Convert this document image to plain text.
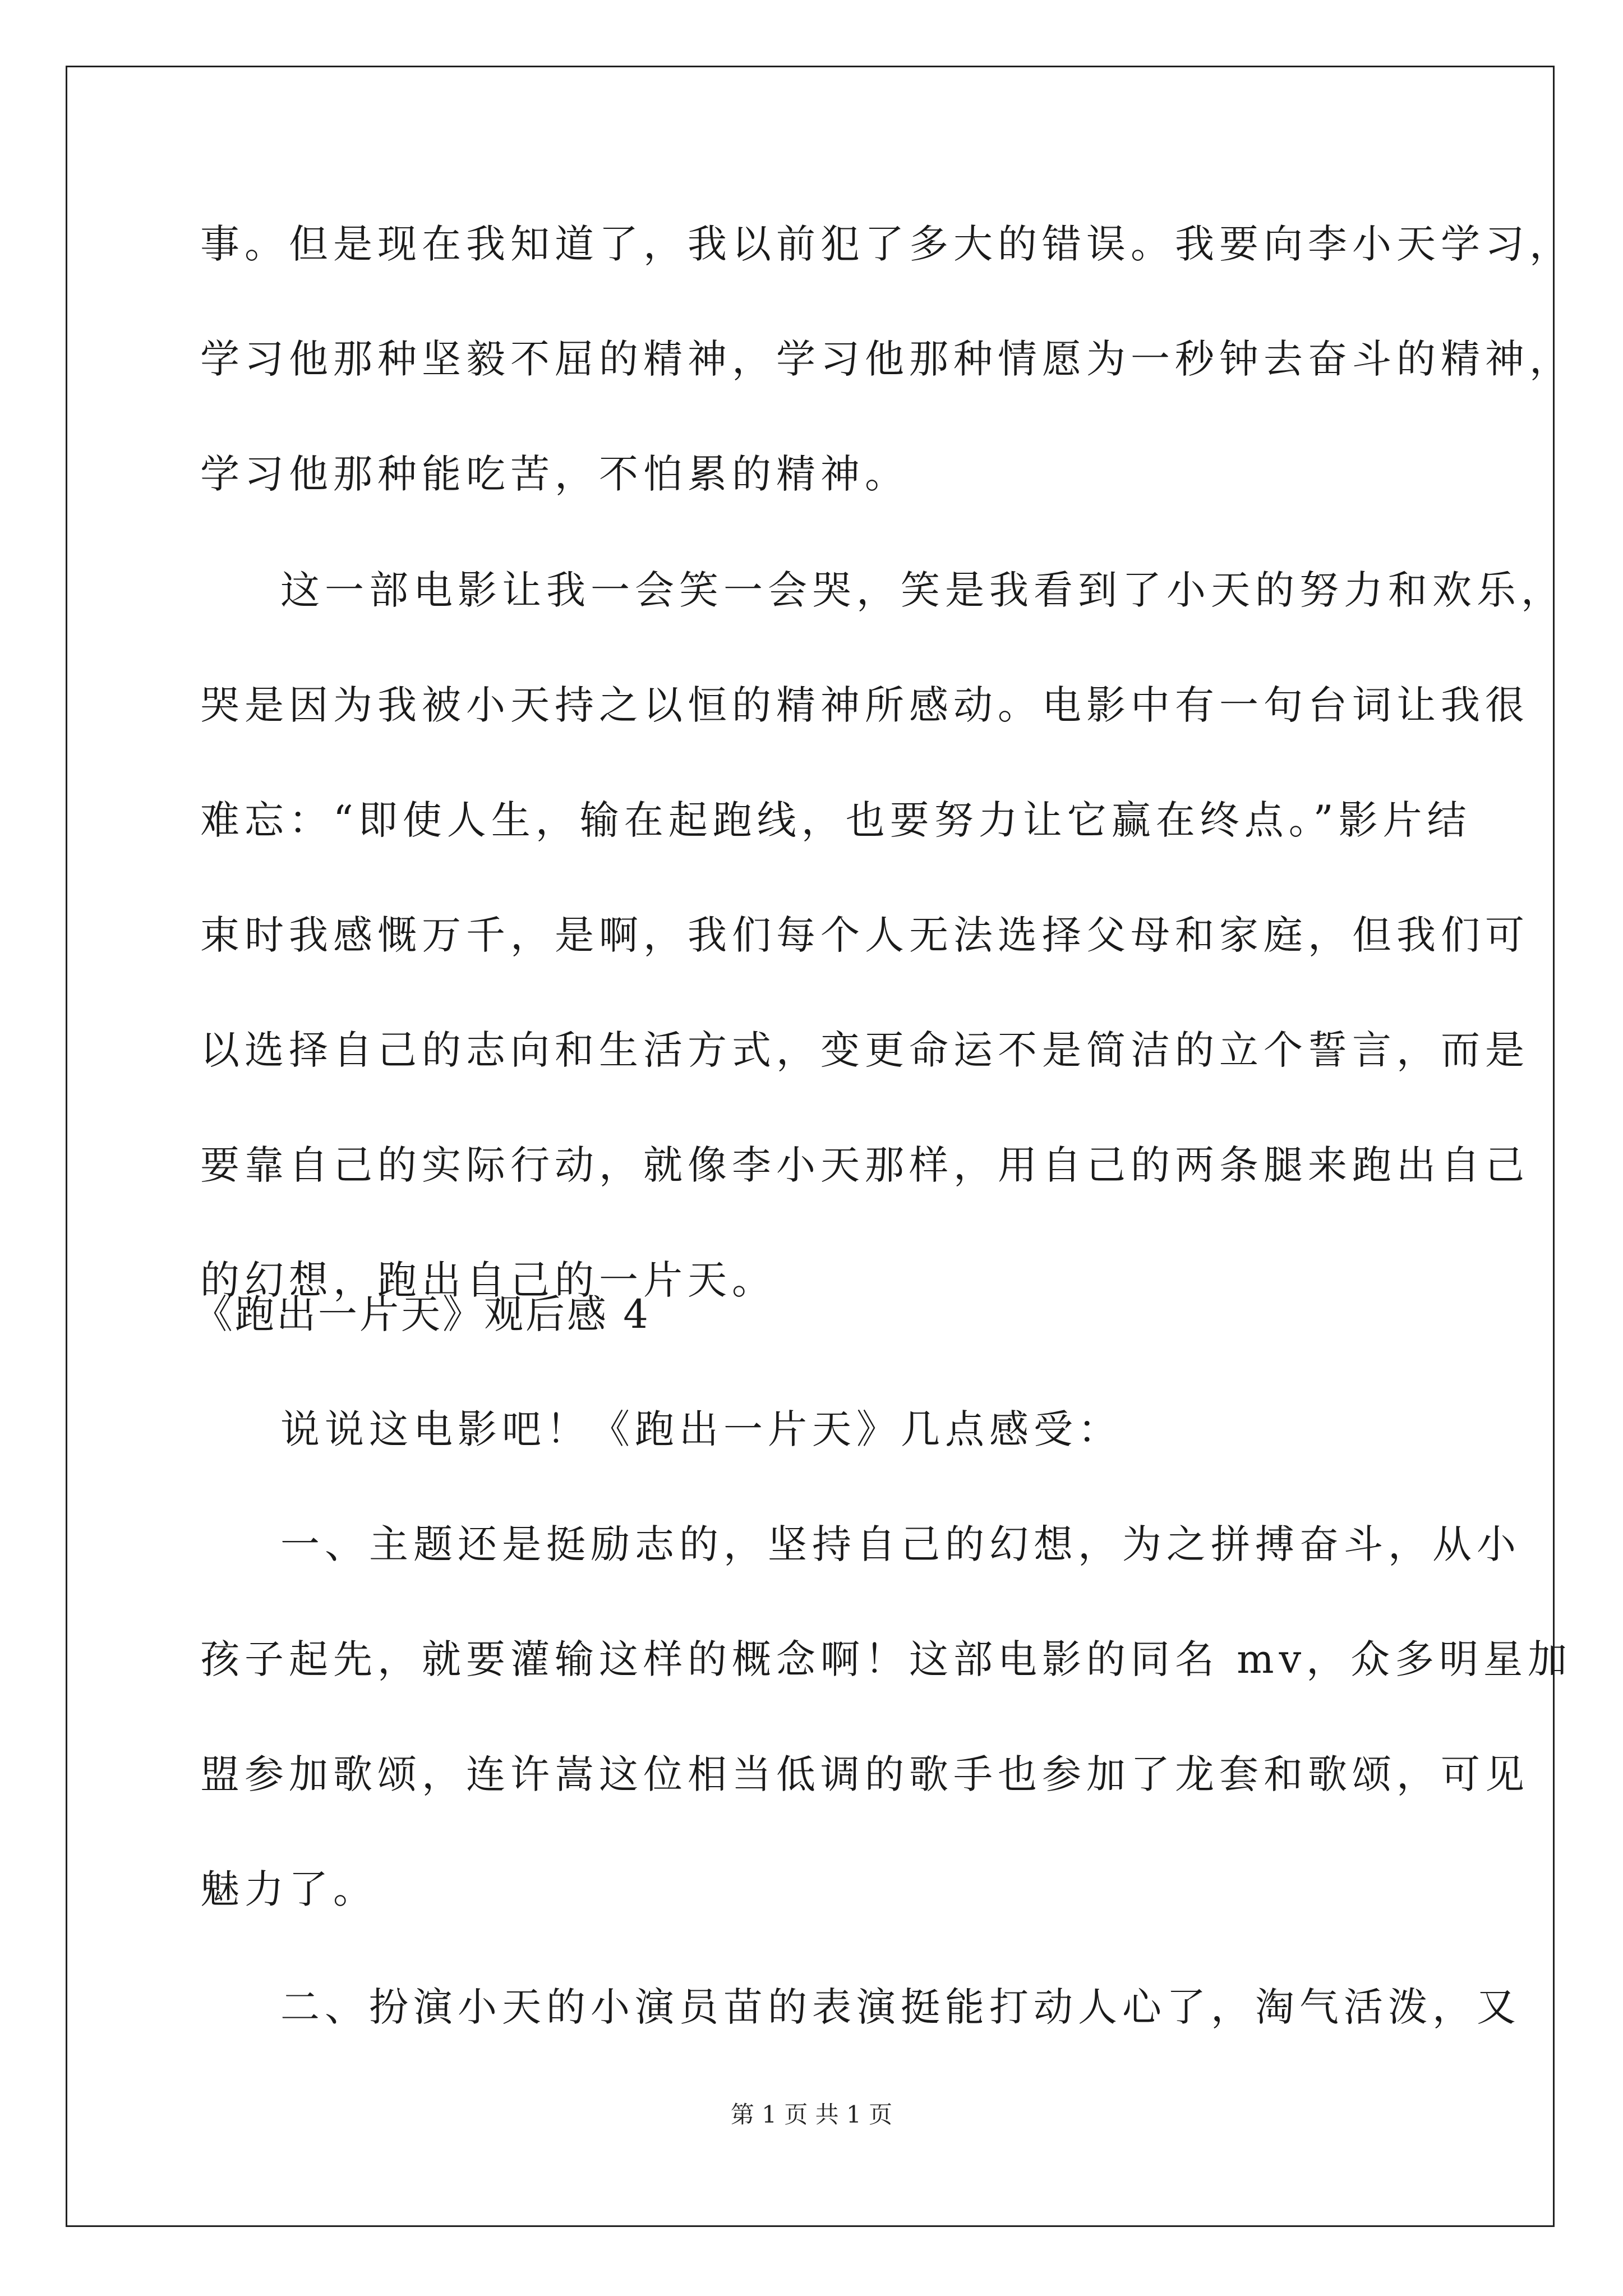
事。但是现在我知道了，我以前犯了多大的错误。我要向李小天学习，
学习他那种坚毅不屈的精神，学习他那种情愿为一秒钟去奋斗的精神，
学习他那种能吃苦，不怕累的精神。
这一部电影让我一会笑一会哭，笑是我看到了小天的努力和欢乐，
哭是因为我被小天持之以恒的精神所感动。电影中有一句台词让我很
难忘：“即使人生，输在起跑线，也要努力让它赢在终点。”影片结
束时我感慨万千，是啊，我们每个人无法选择父母和家庭，但我们可
以选择自己的志向和生活方式，变更命运不是简洁的立个誓言，而是
要靠自己的实际行动，就像李小天那样，用自己的两条腿来跑出自己
的幻想，跑出自己的一片天。
《跑出一片天》观后感 4
说说这电影吧！《跑出一片天》几点感受：
一、主题还是挺励志的，坚持自己的幻想，为之拼搏奋斗，从小
孩子起先，就要灌输这样的概念啊！这部电影的同名 mv，众多明星加
盟参加歌颂，连许嵩这位相当低调的歌手也参加了龙套和歌颂，可见
魅力了。
二、扮演小天的小演员苗的表演挺能打动人心了，淘气活泼，又
第 1 页 共 1 页
